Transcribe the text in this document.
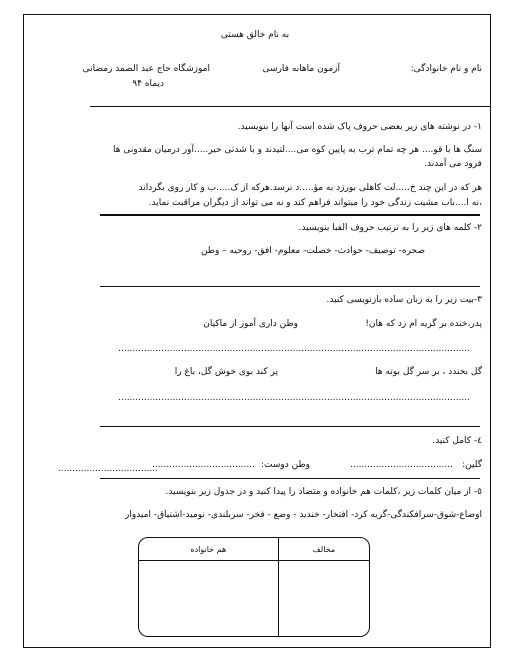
به نام خالق هستی
نام و نام خانوادگی:
آزمون ماهانه فارسی
اموزشگاه حاج عبد الصمد رمضانی
دیماه ۹۴
۱- در نوشته های زیر بعضی حروف پاک شده است آنها را بنویسید.
سنگ ها با قو.... هر چه تمام ترب به پایین کوه می....لتیدند و با شدتی حیر.....آور درمیان مقدونی ها
فرود می آمدند.
هر که در این چند خ.....لت کاهلی بورزد به مؤ.....د نرسد.هرکه از ک.....ب و کار روی بگرداند
،نه ا....باب مشیت زندگی خود را میتواند فراهم کند و نه می تواند از دیگران مراقبت نماید.
۲- کلمه های زیر را به ترتیب حروف الفبا بنویسید.
صحره- توصیف- حوادث- خصلت- معلوم- افق- روحیه – وطن
۳-بیت زیر را به زبان ساده بازنویسی کنید.
پدر،خنده بر گریه ام زد که هان!
وطن داری آموز از ماکیان
...........................................................................................................................
گل بخندد ، بر سر گل بوته ها
پر کند بوی خوش گل، باغ را
...........................................................................................................................
٤- کامل کنید.
گلین:
....................................
وطن دوست:
....................................
...................................
٥- از میان کلمات زیر ،کلمات هم خانواده و متضاد را پیدا کنید و در جدول زیر بنویسید.
اوضاع-شوق-سرافکندگی-گریه کرد- افتخار- خندید - وضع - فخر- سربلندی- نومید-اشتیاق- امیدوار
مخالف	هم خانواده
